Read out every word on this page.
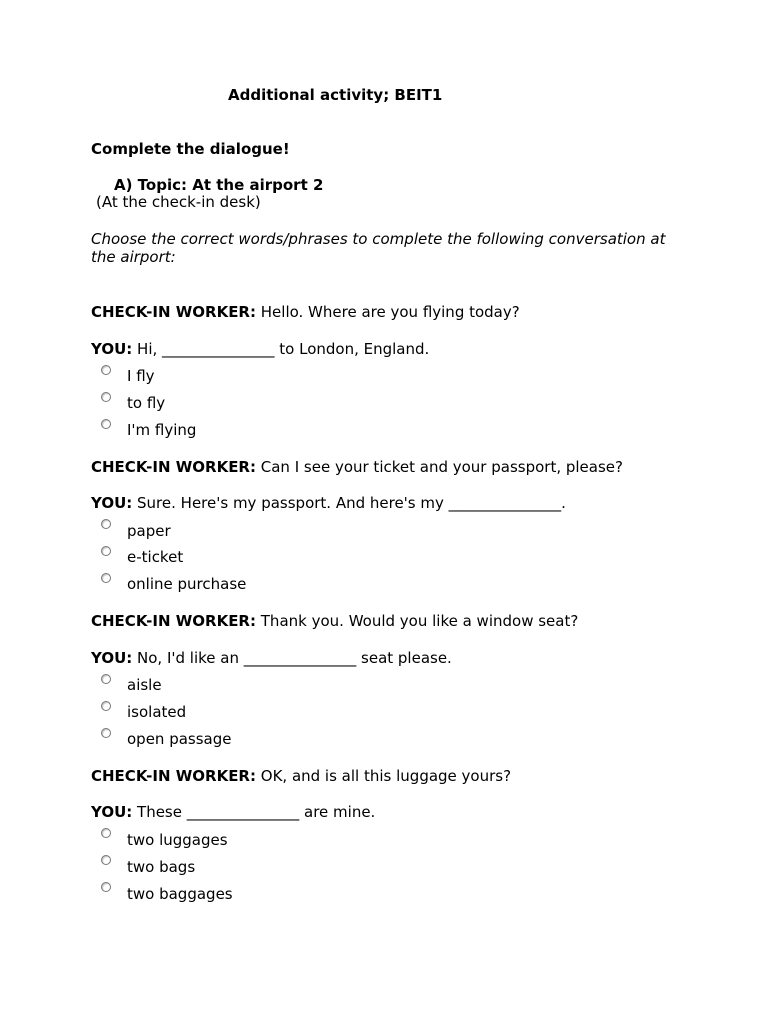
Additional activity; BEIT1
Complete the dialogue!
A) Topic: At the airport 2
(At the check-in desk)
Choose the correct words/phrases to complete the following conversation at the airport:
CHECK-IN WORKER: Hello. Where are you flying today?
YOU: Hi, _______________ to London, England.
I fly
to fly
I'm flying
CHECK-IN WORKER: Can I see your ticket and your passport, please?
YOU: Sure. Here's my passport. And here's my _______________.
paper
e-ticket
online purchase
CHECK-IN WORKER: Thank you. Would you like a window seat?
YOU: No, I'd like an _______________ seat please.
aisle
isolated
open passage
CHECK-IN WORKER: OK, and is all this luggage yours?
YOU: These _______________ are mine.
two luggages
two bags
two baggages
